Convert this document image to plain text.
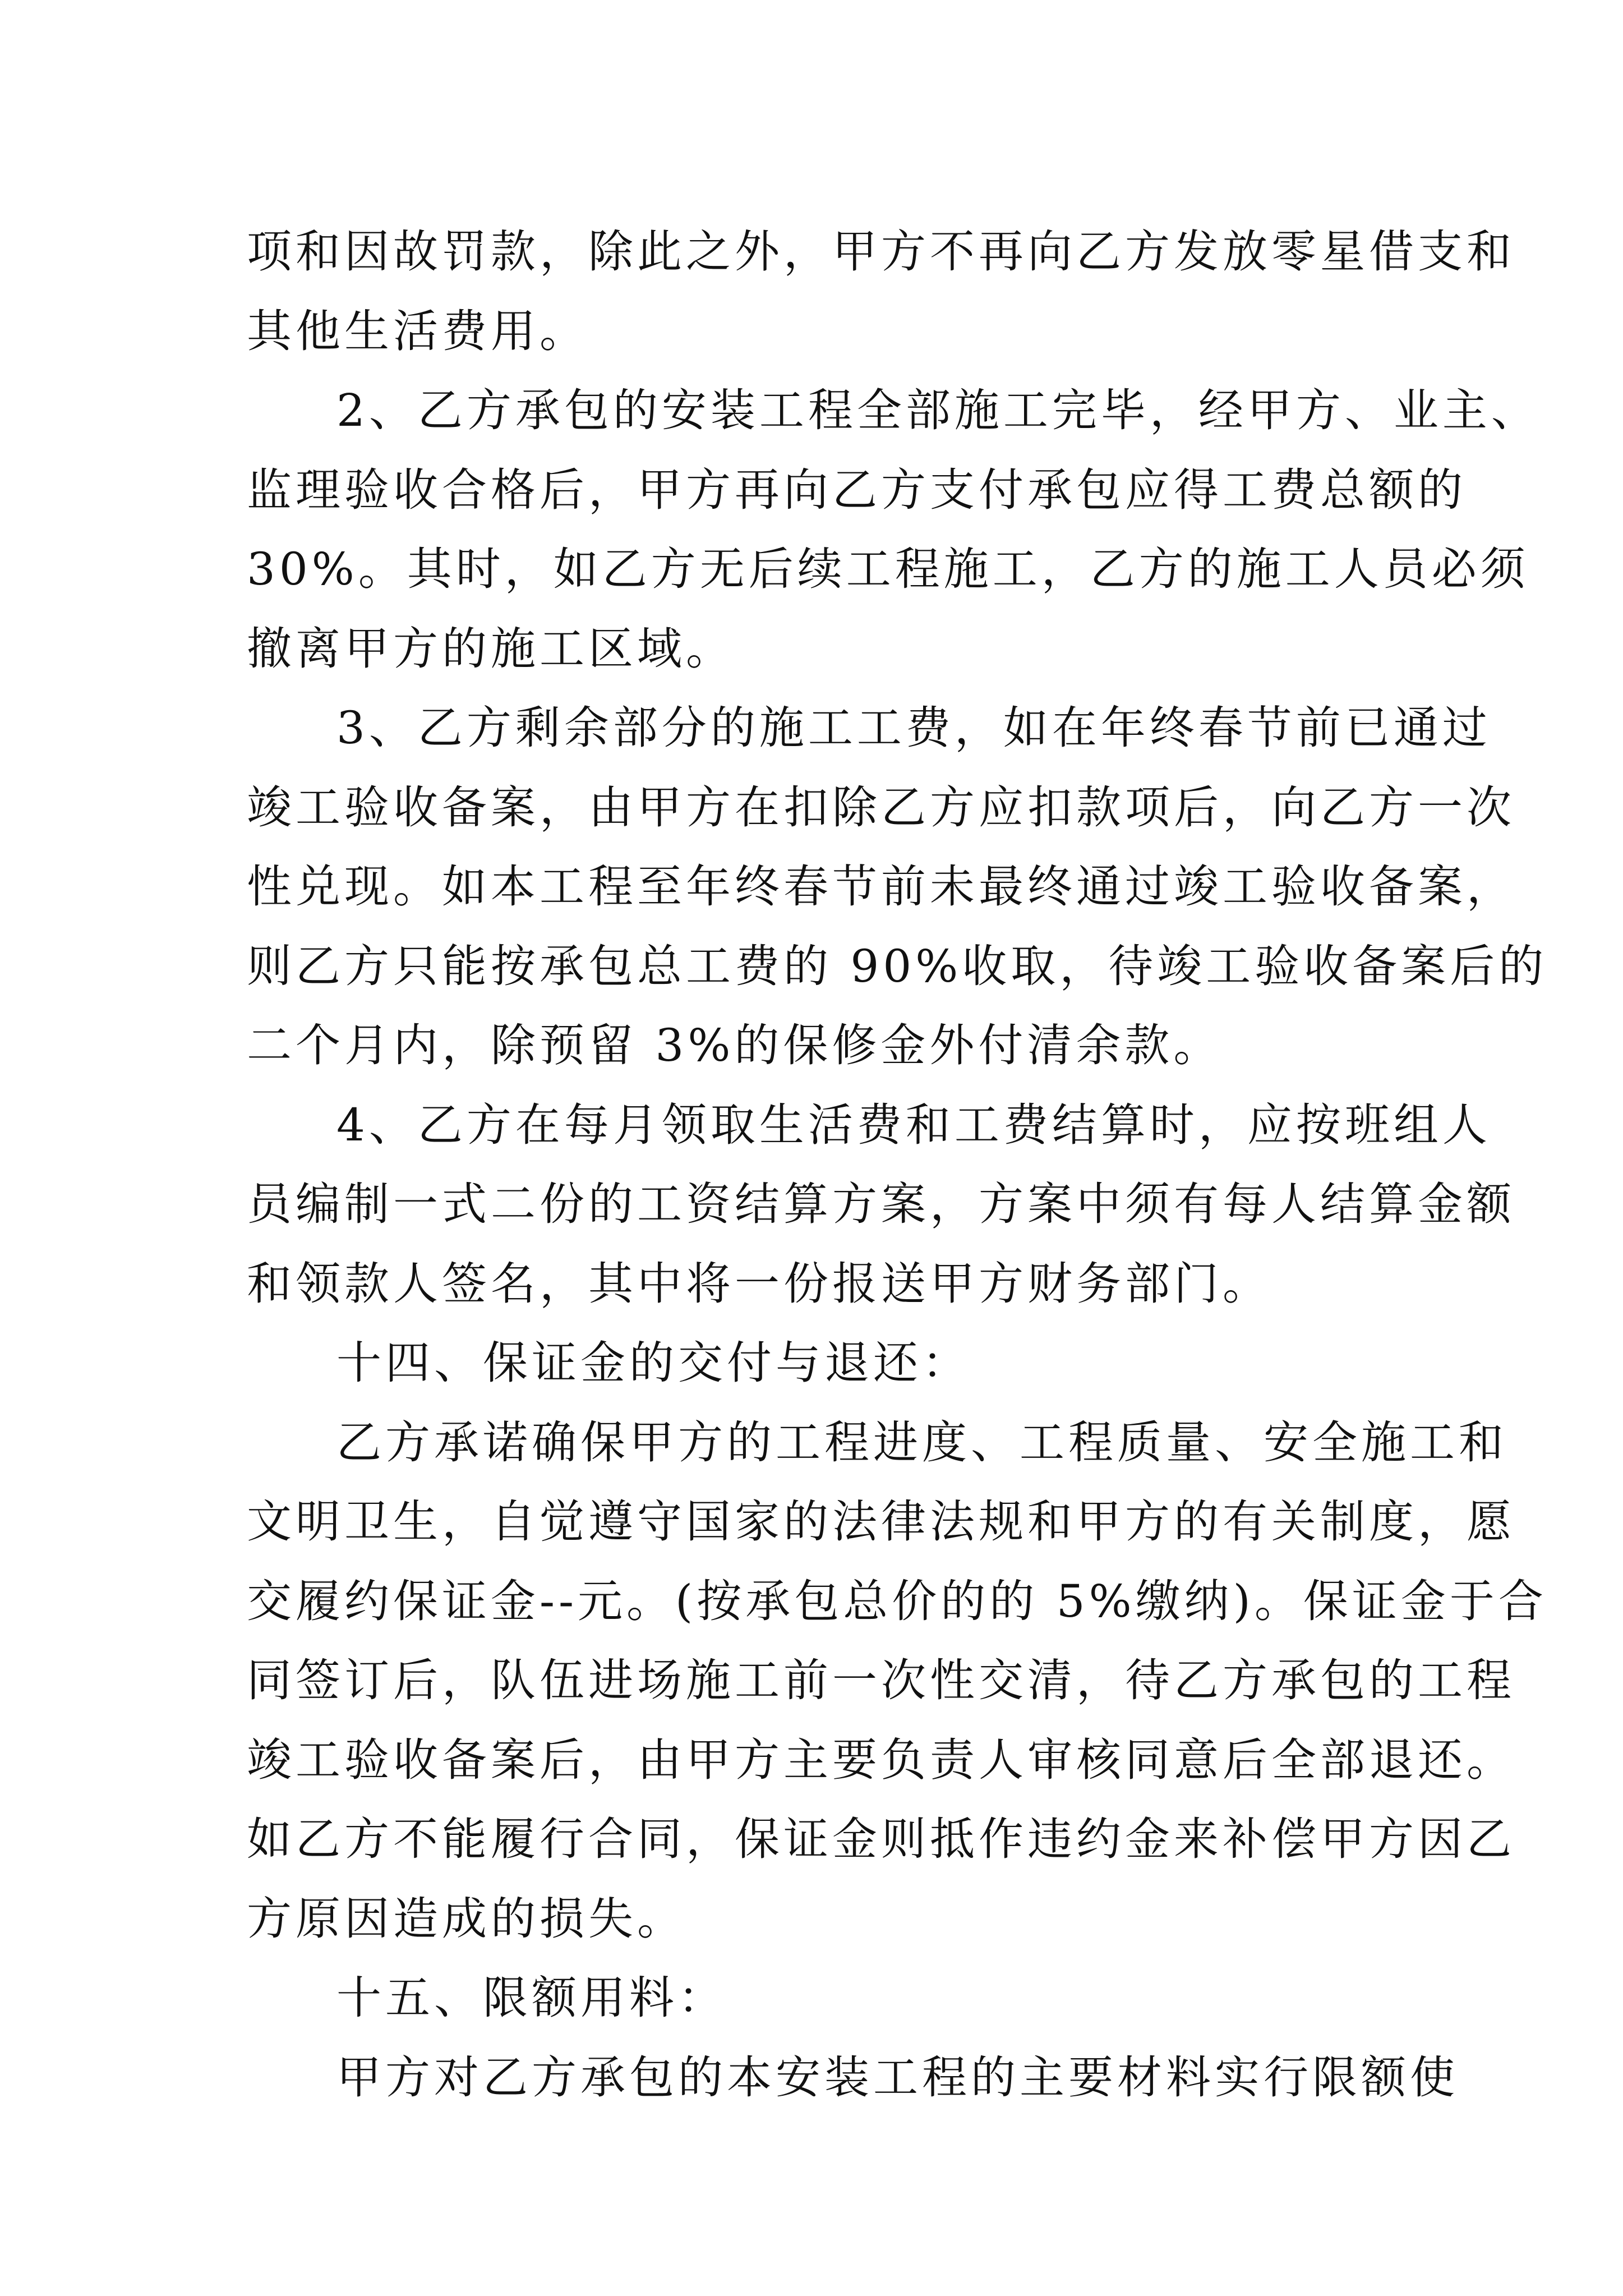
项和因故罚款，除此之外，甲方不再向乙方发放零星借支和
其他生活费用。
2、乙方承包的安装工程全部施工完毕，经甲方、业主、
监理验收合格后，甲方再向乙方支付承包应得工费总额的
30%。其时，如乙方无后续工程施工，乙方的施工人员必须
撤离甲方的施工区域。
3、乙方剩余部分的施工工费，如在年终春节前已通过
竣工验收备案，由甲方在扣除乙方应扣款项后，向乙方一次
性兑现。如本工程至年终春节前未最终通过竣工验收备案，
则乙方只能按承包总工费的 90%收取，待竣工验收备案后的
二个月内，除预留 3%的保修金外付清余款。
4、乙方在每月领取生活费和工费结算时，应按班组人
员编制一式二份的工资结算方案，方案中须有每人结算金额
和领款人签名，其中将一份报送甲方财务部门。
十四、保证金的交付与退还：
乙方承诺确保甲方的工程进度、工程质量、安全施工和
文明卫生，自觉遵守国家的法律法规和甲方的有关制度，愿
交履约保证金--元。(按承包总价的的 5%缴纳)。保证金于合
同签订后，队伍进场施工前一次性交清，待乙方承包的工程
竣工验收备案后，由甲方主要负责人审核同意后全部退还。
如乙方不能履行合同，保证金则抵作违约金来补偿甲方因乙
方原因造成的损失。
十五、限额用料：
甲方对乙方承包的本安装工程的主要材料实行限额使
